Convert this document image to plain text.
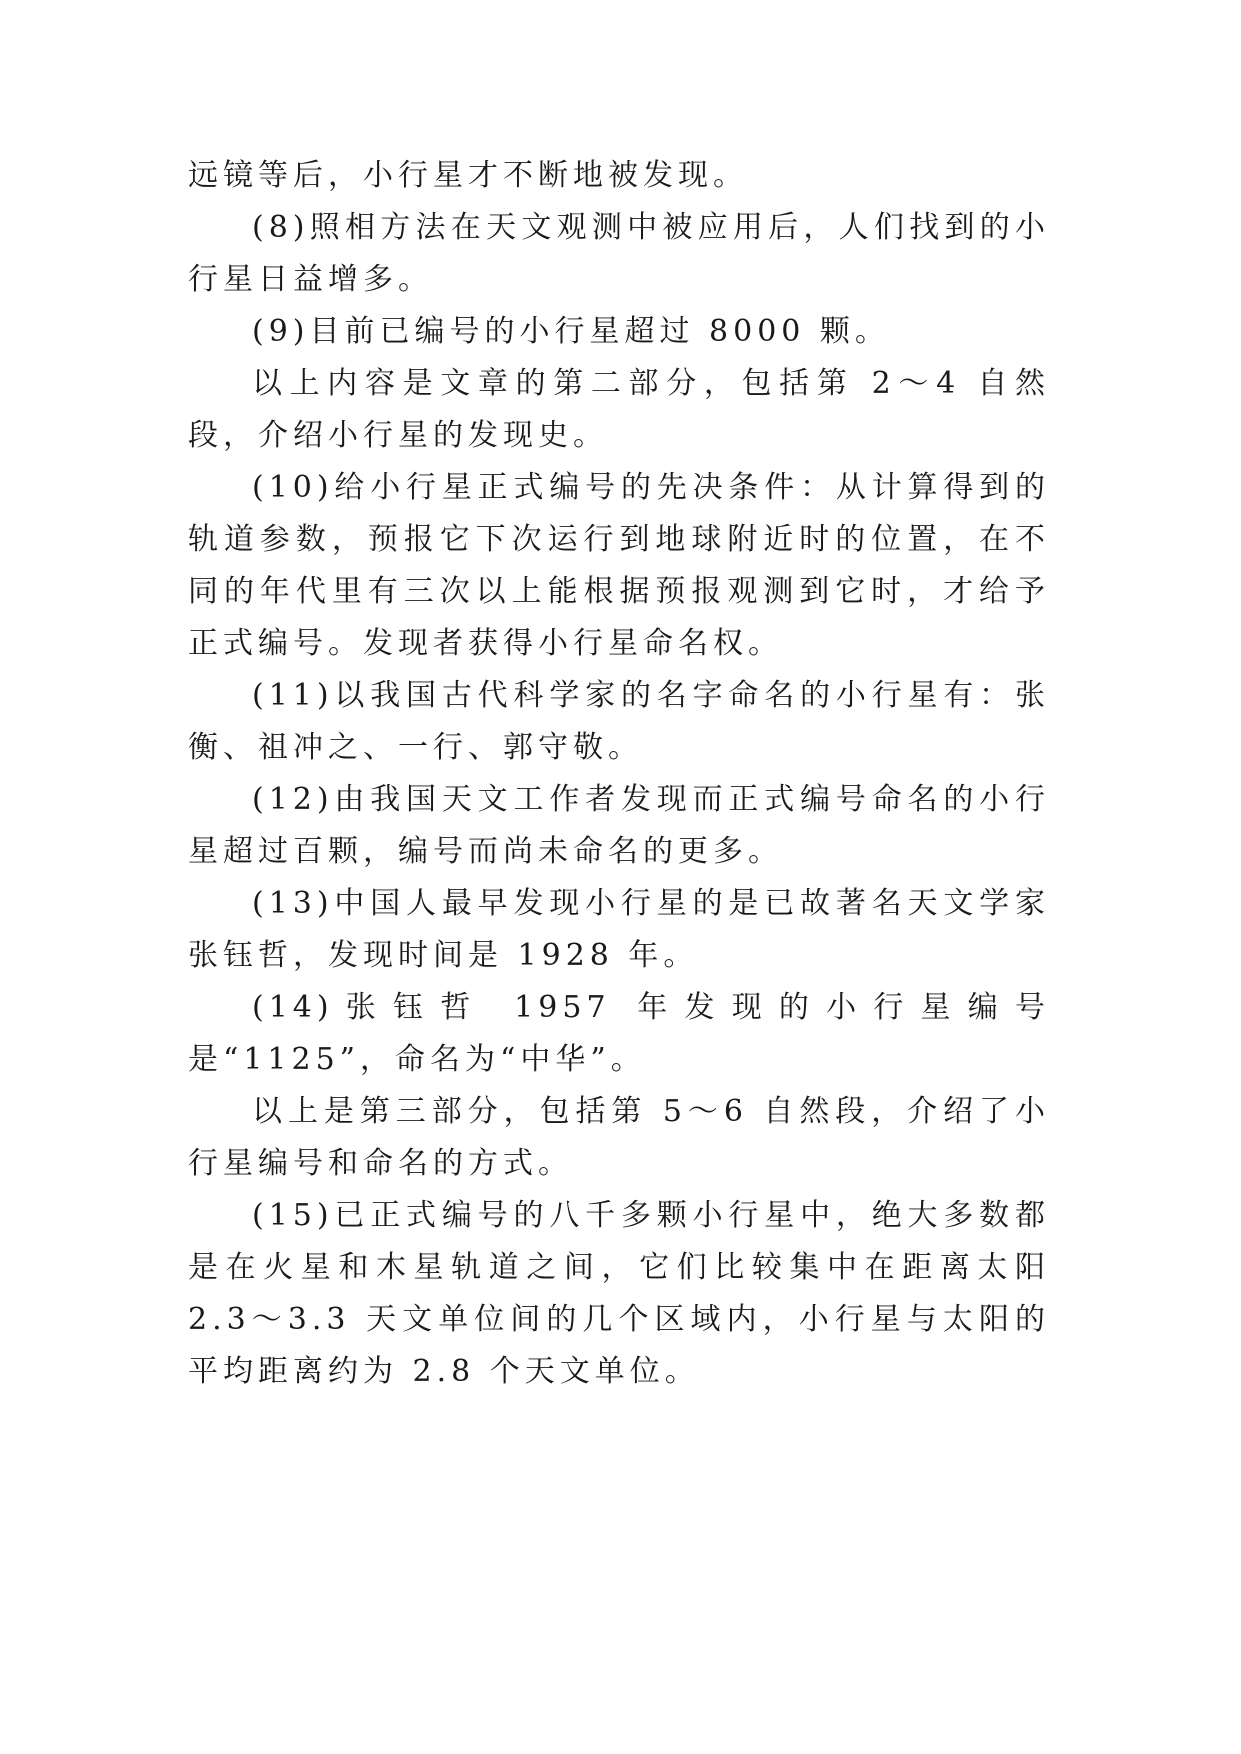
远镜等后，小行星才不断地被发现。

(8)照相方法在天文观测中被应用后，人们找到的小行星日益增多。

(9)目前已编号的小行星超过 8000 颗。

以上内容是文章的第二部分，包括第 2～4 自然段，介绍小行星的发现史。

(10)给小行星正式编号的先决条件：从计算得到的轨道参数，预报它下次运行到地球附近时的位置，在不同的年代里有三次以上能根据预报观测到它时，才给予正式编号。发现者获得小行星命名权。

(11)以我国古代科学家的名字命名的小行星有：张衡、祖冲之、一行、郭守敬。

(12)由我国天文工作者发现而正式编号命名的小行星超过百颗，编号而尚未命名的更多。

(13)中国人最早发现小行星的是已故著名天文学家张钰哲，发现时间是 1928 年。

(14)张钰哲 1957 年发现的小行星编号是“1125”，命名为“中华”。

以上是第三部分，包括第 5～6 自然段，介绍了小行星编号和命名的方式。

(15)已正式编号的八千多颗小行星中，绝大多数都是在火星和木星轨道之间，它们比较集中在距离太阳 2.3～3.3 天文单位间的几个区域内，小行星与太阳的平均距离约为 2.8 个天文单位。
